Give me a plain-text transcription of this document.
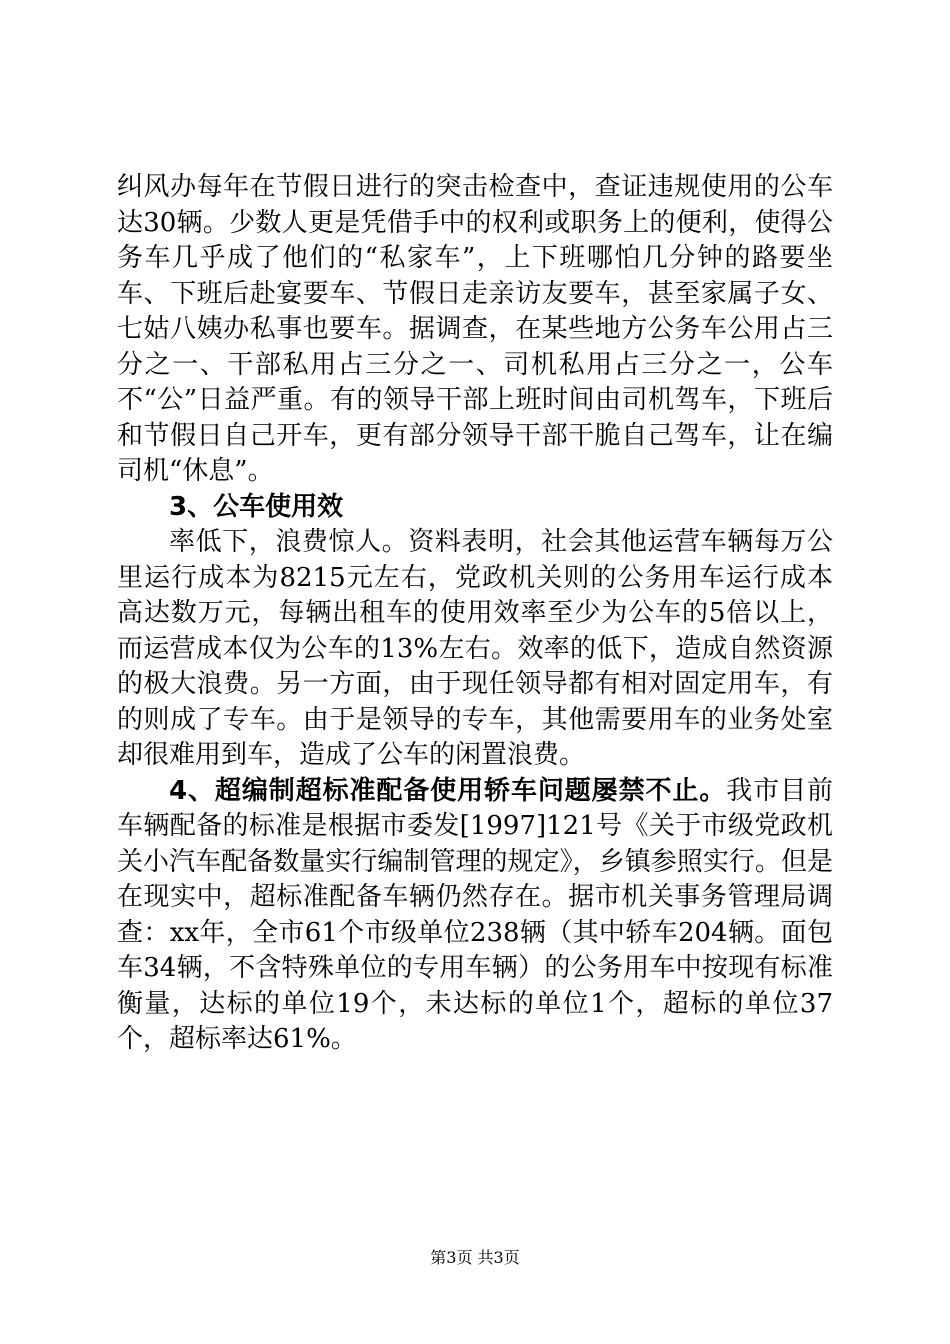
纠风办每年在节假日进行的突击检查中，查证违规使用的公车达30辆。少数人更是凭借手中的权利或职务上的便利，使得公务车几乎成了他们的“私家车”，上下班哪怕几分钟的路要坐车、下班后赴宴要车、节假日走亲访友要车，甚至家属子女、七姑八姨办私事也要车。据调查，在某些地方公务车公用占三分之一、干部私用占三分之一、司机私用占三分之一，公车不“公”日益严重。有的领导干部上班时间由司机驾车，下班后和节假日自己开车，更有部分领导干部干脆自己驾车，让在编司机“休息”。

3、公车使用效

率低下，浪费惊人。资料表明，社会其他运营车辆每万公里运行成本为8215元左右，党政机关则的公务用车运行成本高达数万元，每辆出租车的使用效率至少为公车的5倍以上，而运营成本仅为公车的13%左右。效率的低下，造成自然资源的极大浪费。另一方面，由于现任领导都有相对固定用车，有的则成了专车。由于是领导的专车，其他需要用车的业务处室却很难用到车，造成了公车的闲置浪费。

4、超编制超标准配备使用轿车问题屡禁不止。我市目前车辆配备的标准是根据市委发[1997]121号《关于市级党政机关小汽车配备数量实行编制管理的规定》，乡镇参照实行。但是在现实中，超标准配备车辆仍然存在。据市机关事务管理局调查：xx年，全市61个市级单位238辆（其中轿车204辆。面包车34辆，不含特殊单位的专用车辆）的公务用车中按现有标准衡量，达标的单位19个，未达标的单位1个，超标的单位37个，超标率达61%。

第3页 共3页
